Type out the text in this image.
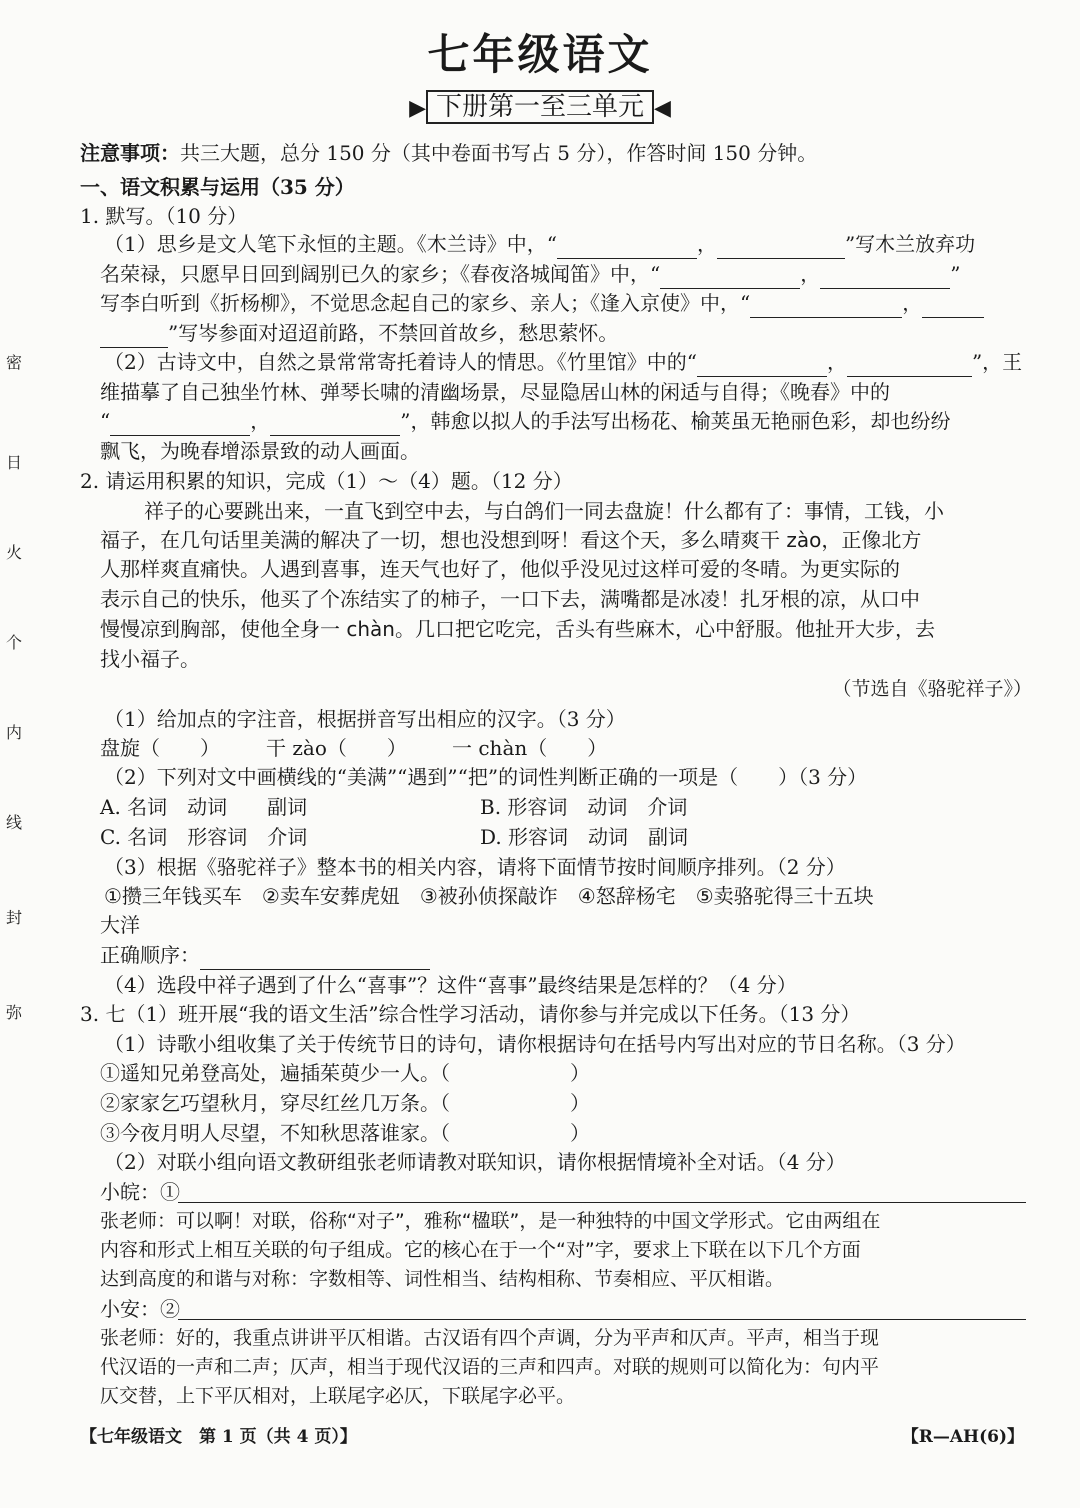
七年级语文
▶ 下册第一至三单元 ◀
密
日
火
个
内
线
封
弥
注意事项：共三大题，总分 150 分（其中卷面书写占 5 分），作答时间 150 分钟。
一、语文积累与运用（35 分）
1. 默写。（10 分）
（1）思乡是文人笔下永恒的主题。《木兰诗》中，“	，	”写木兰放弃功
名荣禄，只愿早日回到阔别已久的家乡；《春夜洛城闻笛》中，“	，	”
写李白听到《折杨柳》，不觉思念起自己的家乡、亲人；《逢入京使》中，“	，
”写岑参面对迢迢前路，不禁回首故乡，愁思萦怀。
（2）古诗文中，自然之景常常寄托着诗人的情思。《竹里馆》中的“	，	”，王
维描摹了自己独坐竹林、弹琴长啸的清幽场景，尽显隐居山林的闲适与自得；《晚春》中的
“	，	”，韩愈以拟人的手法写出杨花、榆荚虽无艳丽色彩，却也纷纷
飘飞，为晚春增添景致的动人画面。
2. 请运用积累的知识，完成（1）～（4）题。（12 分）
祥子的心要跳出来，一直飞到空中去，与白鸽们一同去盘旋！什么都有了：事情，工钱，小
福子，在几句话里美满的解决了一切，想也没想到呀！看这个天，多么晴爽干 zào，正像北方
人那样爽直痛快。人遇到喜事，连天气也好了，他似乎没见过这样可爱的冬晴。为更实际的
表示自己的快乐，他买了个冻结实了的柿子，一口下去，满嘴都是冰凌！扎牙根的凉，从口中
慢慢凉到胸部，使他全身一 chàn。几口把它吃完，舌头有些麻木，心中舒服。他扯开大步，去
找小福子。
（节选自《骆驼祥子》）
（1）给加点的字注音，根据拼音写出相应的汉字。（3 分）
盘旋（　　） 干 zào（　　） 一 chàn（　　）
（2）下列对文中画横线的“美满”“遇到”“把”的词性判断正确的一项是（　　）（3 分）
A. 名词　动词　　副词	B. 形容词　动词　介词
C. 名词　形容词　介词	D. 形容词　动词　副词
（3）根据《骆驼祥子》整本书的相关内容，请将下面情节按时间顺序排列。（2 分）
①攒三年钱买车　②卖车安葬虎妞　③被孙侦探敲诈　④怒辞杨宅　⑤卖骆驼得三十五块
大洋
正确顺序：
（4）选段中祥子遇到了什么“喜事”？这件“喜事”最终结果是怎样的？（4 分）
3. 七（1）班开展“我的语文生活”综合性学习活动，请你参与并完成以下任务。（13 分）
（1）诗歌小组收集了关于传统节日的诗句，请你根据诗句在括号内写出对应的节日名称。（3 分）
①遥知兄弟登高处，遍插茱萸少一人。（　　　　　　）
②家家乞巧望秋月，穿尽红丝几万条。（　　　　　　）
③今夜月明人尽望，不知秋思落谁家。（　　　　　　）
（2）对联小组向语文教研组张老师请教对联知识，请你根据情境补全对话。（4 分）
小皖：①
张老师：可以啊！对联，俗称“对子”，雅称“楹联”，是一种独特的中国文学形式。它由两组在
内容和形式上相互关联的句子组成。它的核心在于一个“对”字，要求上下联在以下几个方面
达到高度的和谐与对称：字数相等、词性相当、结构相称、节奏相应、平仄相谐。
小安：②
张老师：好的，我重点讲讲平仄相谐。古汉语有四个声调，分为平声和仄声。平声，相当于现
代汉语的一声和二声；仄声，相当于现代汉语的三声和四声。对联的规则可以简化为：句内平
仄交替，上下平仄相对，上联尾字必仄，下联尾字必平。
【七年级语文　第 1 页（共 4 页）】	【R—AH(6)】
